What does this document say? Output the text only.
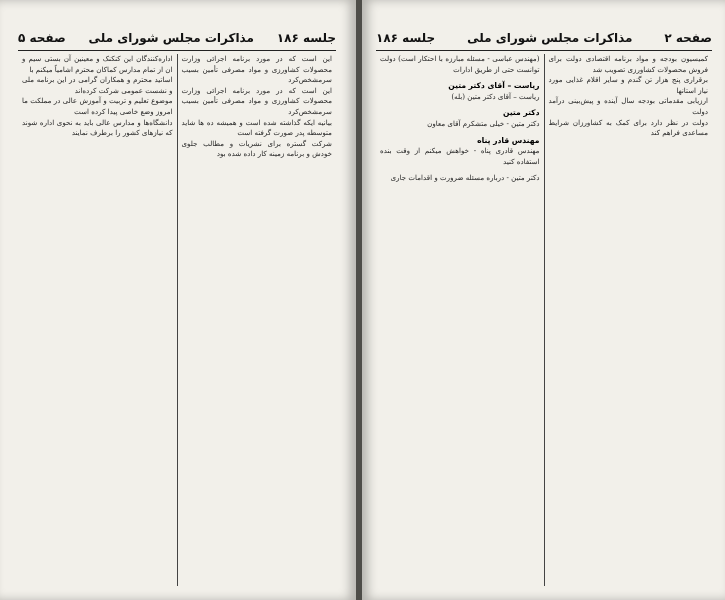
جلسه ۱۸۶
مذاکرات مجلس شورای ملی
صفحه ۵

این است که در مورد برنامه اجرائی وزارت محصولات کشاورزی و مواد مصرفی تأمین بسیب سرمشخص‌کرد

این است که در مورد برنامه اجرائی وزارت محصولات کشاورزی و مواد مصرفی تأمین بسیب سرمشخص‌کرد

بیانیه ایکه گذاشته شده است و همیشه ده ها شاید متوسطه پدر صورت گرفته است

شرکت گستره برای نشریات و مطالب جلوی خودش و برنامه زمینه کار داده شده بود

اداره‌کنندگان این کنکنک و معینین آن بستی سیم و ان از تمام مدارس کماکان محترم اشامیاً میکنم با

اساتید محترم و همکاران گرامی در این برنامه ملی و نشست عمومی شرکت کرده‌اند

موضوع تعلیم و تربیت و آموزش عالی در مملکت ما امروز وضع خاصی پیدا کرده است

دانشگاه‌ها و مدارس عالی باید به نحوی اداره شوند که نیازهای کشور را برطرف نمایند

صفحه ۲
مذاکرات مجلس شورای ملی
جلسه ۱۸۶

کمیسیون بودجه و مواد برنامه اقتصادی دولت برای فروش محصولات کشاورزی تصویب شد

برقراری پنج هزار تن گندم و سایر اقلام غذایی مورد نیاز استانها

ارزیابی مقدماتی بودجه سال آینده و پیش‌بینی درآمد دولت

دولت در نظر دارد برای کمک به کشاورزان شرایط مساعدی فراهم کند

(مهندس عباسی - مسئله مبارزه با احتکار است) دولت توانست حتی از طریق ادارات

ریاست – آقای دکتر متین

ریاست – آقای دکتر متین (بله)

دکتر متین

دکتر متین - خیلی متشکرم آقای معاون

مهندس قادر پناه

مهندس قادری پناه - خواهش میکنم از وقت بنده استفاده کنید

دکتر متین - درباره مسئله ضرورت و اقدامات جاری
